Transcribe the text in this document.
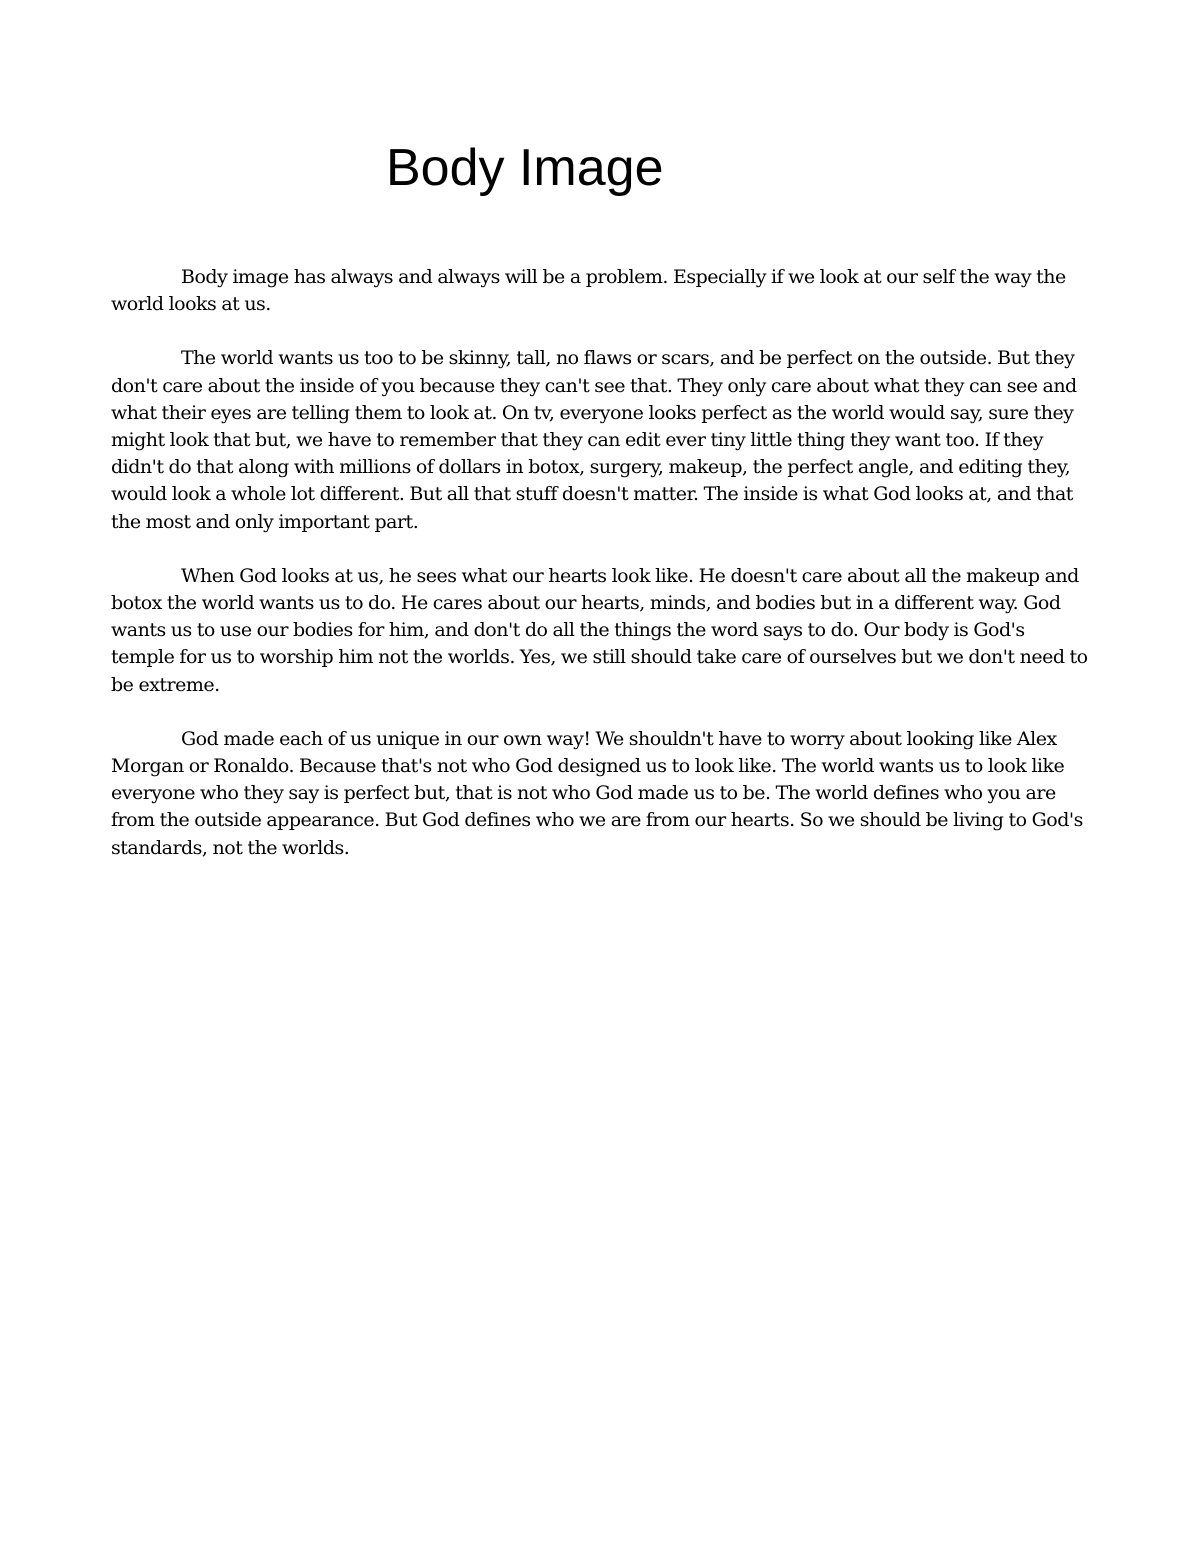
Body Image

Body image has always and always will be a problem. Especially if we look at our self the way the world looks at us.

The world wants us too to be skinny, tall, no flaws or scars, and be perfect on the outside. But they don't care about the inside of you because they can't see that. They only care about what they can see and what their eyes are telling them to look at. On tv, everyone looks perfect as the world would say, sure they might look that but, we have to remember that they can edit ever tiny little thing they want too. If they didn't do that along with millions of dollars in botox, surgery, makeup, the perfect angle, and editing they, would look a whole lot different. But all that stuff doesn't matter. The inside is what God looks at, and that the most and only important part.

When God looks at us, he sees what our hearts look like. He doesn't care about all the makeup and botox the world wants us to do. He cares about our hearts, minds, and bodies but in a different way. God wants us to use our bodies for him, and don't do all the things the word says to do. Our body is God's temple for us to worship him not the worlds. Yes, we still should take care of ourselves but we don't need to be extreme.

God made each of us unique in our own way! We shouldn't have to worry about looking like Alex Morgan or Ronaldo. Because that's not who God designed us to look like. The world wants us to look like everyone who they say is perfect but, that is not who God made us to be. The world defines who you are from the outside appearance. But God defines who we are from our hearts. So we should be living to God's standards, not the worlds.
